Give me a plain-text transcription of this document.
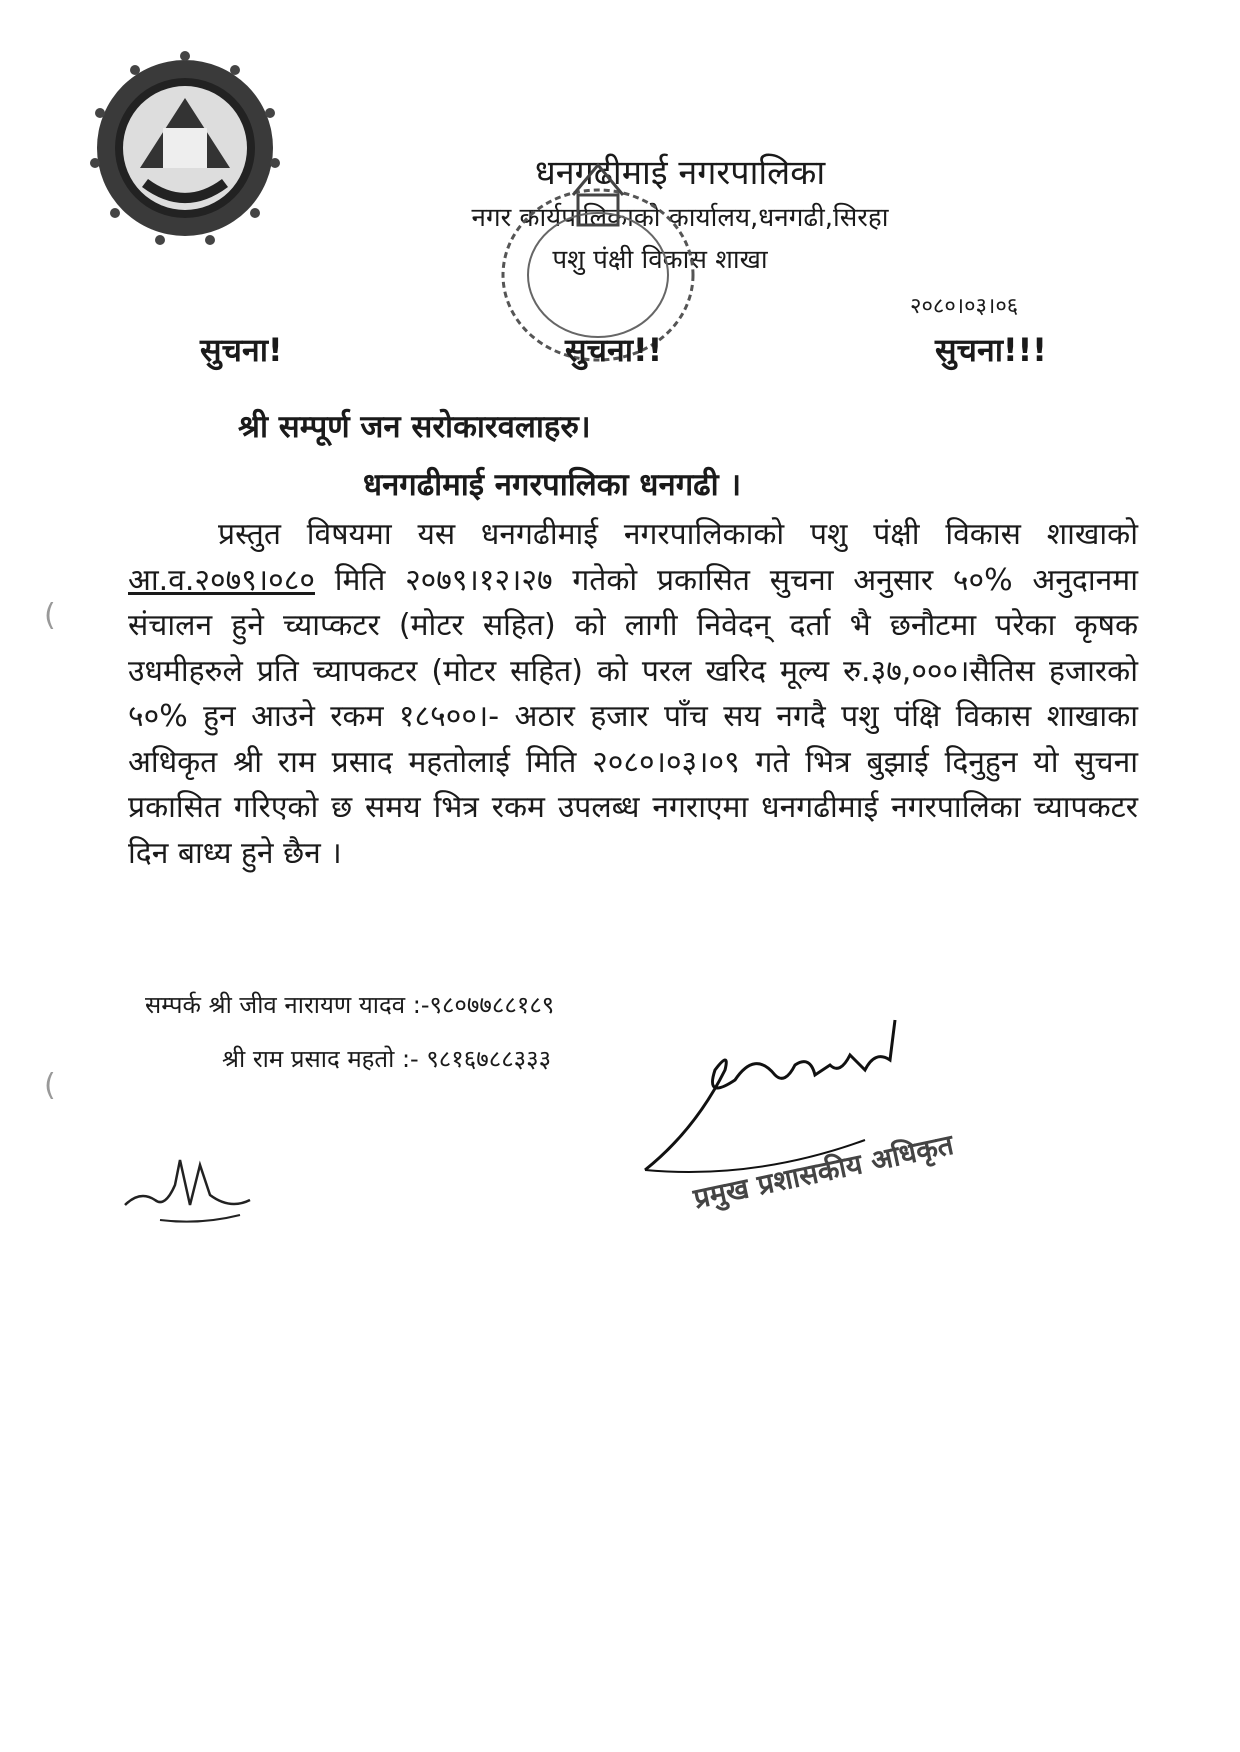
धनगढीमाई नगरपालिका
नगर कार्यपालिकाको कार्यालय,धनगढी,सिरहा
पशु पंक्षी विकास शाखा
२०८०।०३।०६
सुचना!	सुचना!!	सुचना!!!
श्री सम्पूर्ण जन सरोकारवलाहरु।
धनगढीमाई नगरपालिका धनगढी ।
प्रस्तुत विषयमा यस धनगढीमाई नगरपालिकाको पशु पंक्षी विकास शाखाको आ.व.२०७९।०८० मिति २०७९।१२।२७ गतेको प्रकासित सुचना अनुसार ५०% अनुदानमा संचालन हुने च्याप्कटर (मोटर सहित) को लागी निवेदन् दर्ता भै छनौटमा परेका कृषक उधमीहरुले प्रति च्यापकटर (मोटर सहित) को परल खरिद मूल्य रु.३७,०००।सैतिस हजारको ५०% हुन आउने रकम १८५००।- अठार हजार पाँच सय नगदै पशु पंक्षि विकास शाखाका अधिकृत श्री राम प्रसाद महतोलाई मिति २०८०।०३।०९ गते भित्र बुझाई दिनुहुन यो सुचना प्रकासित गरिएको छ समय भित्र रकम उपलब्ध नगराएमा धनगढीमाई नगरपालिका च्यापकटर दिन बाध्य हुने छैन ।
सम्पर्क श्री जीव नारायण यादव :-९८०७७८८१८९
श्री राम प्रसाद महतो :- ९८१६७८८३३३
प्रमुख प्रशासकीय अधिकृत
(
(
